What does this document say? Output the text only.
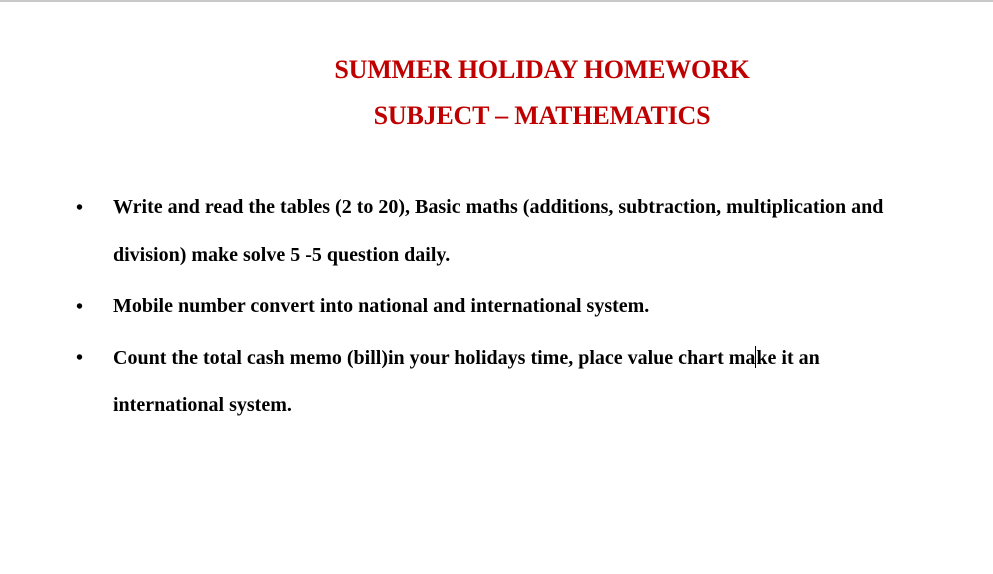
SUMMER HOLIDAY HOMEWORK
SUBJECT – MATHEMATICS
• Write and read the tables (2 to 20), Basic maths (additions, subtraction, multiplication and
division) make solve 5 -5 question daily.
• Mobile number convert into national and international system.
• Count the total cash memo (bill)in your holidays time, place value chart make it an
international system.
